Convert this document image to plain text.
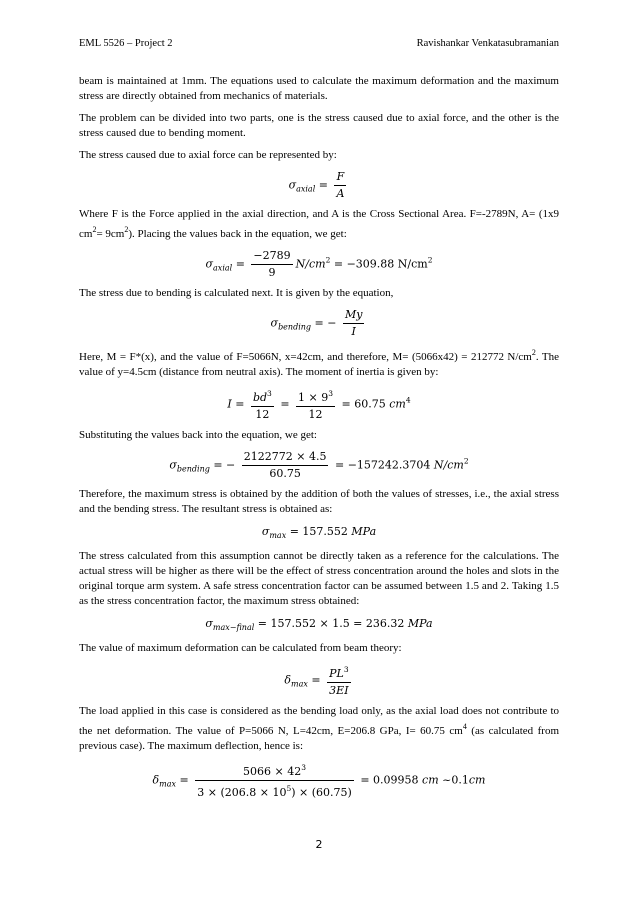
EML 5526 – Project 2	Ravishankar Venkatasubramanian

beam is maintained at 1mm. The equations used to calculate the maximum deformation and the maximum stress are directly obtained from mechanics of materials.

The problem can be divided into two parts, one is the stress caused due to axial force, and the other is the stress caused due to bending moment.

The stress caused due to axial force can be represented by:

$\sigma_{axial} = \frac{F}{A}$

Where F is the Force applied in the axial direction, and A is the Cross Sectional Area. F=-2789N, A= (1x9 $cm^2= 9cm^2$). Placing the values back in the equation, we get:

$\sigma_{axial} = \frac{-2789}{9} N/cm^2 = -309.88$ $N/cm^2$

The stress due to bending is calculated next. It is given by the equation,

$\sigma_{bending}$ = − $\frac{My}{I}$

Here, M = F*(x), and the value of F=5066N, x=42cm, and therefore, M= (5066x42) = 212772 $N/cm^2$. The value of y=4.5cm (distance from neutral axis). The moment of inertia is given by:

$I = \frac{bd^3}{12} = \frac{1 \times 9^3}{12} = 60.75$ $cm^4$

Substituting the values back into the equation, we get:

$\sigma_{bending}$ = − $\frac{2122772 \times 4.5}{60.75} = -157242.3704$ $N/cm^2$

Therefore, the maximum stress is obtained by the addition of both the values of stresses, i.e., the axial stress and the bending stress. The resultant stress is obtained as:

$\sigma_{max} = 157.552$ MPa

The stress calculated from this assumption cannot be directly taken as a reference for the calculations. The actual stress will be higher as there will be the effect of stress concentration around the holes and slots in the original torque arm system. A safe stress concentration factor can be assumed between 1.5 and 2. Taking 1.5 as the stress concentration factor, the maximum stress obtained:

$\sigma_{max-final} = 157.552 \times 1.5 = 236.32$ MPa

The value of maximum deformation can be calculated from beam theory:

$\delta_{max} = \frac{PL^3}{3EI}$

The load applied in this case is considered as the bending load only, as the axial load does not contribute to the net deformation. The value of P=5066 N, L=42cm, E=206.8 GPa, I= 60.75 $cm^4$ (as calculated from previous case). The maximum deflection, hence is:

$\delta_{max} = \frac{5066 \times 42^3}{3 \times (206.8 \times 10^5) \times (60.75)} = 0.09958$ cm ~0.1cm
2
